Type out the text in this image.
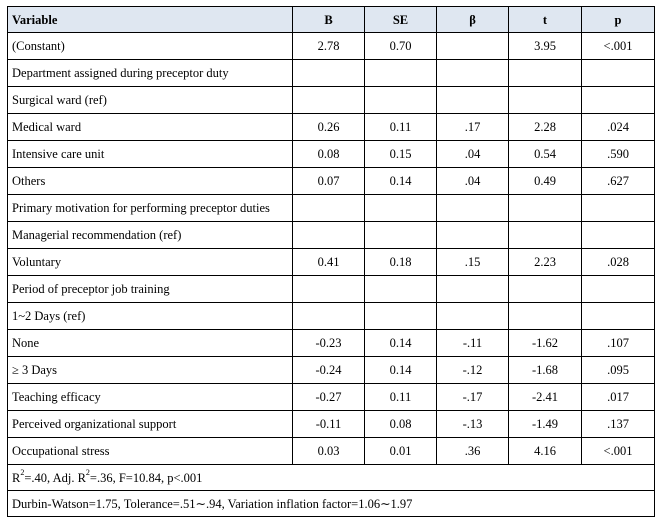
Variable	B	SE	β	t	p
(Constant)	2.78	0.70		3.95	<.001
Department assigned during preceptor duty					
Surgical ward (ref)					
Medical ward	0.26	0.11	.17	2.28	.024
Intensive care unit	0.08	0.15	.04	0.54	.590
Others	0.07	0.14	.04	0.49	.627
Primary motivation for performing preceptor duties					
Managerial recommendation (ref)					
Voluntary	0.41	0.18	.15	2.23	.028
Period of preceptor job training					
1~2 Days (ref)					
None	-0.23	0.14	-.11	-1.62	.107
≥ 3 Days	-0.24	0.14	-.12	-1.68	.095
Teaching efficacy	-0.27	0.11	-.17	-2.41	.017
Perceived organizational support	-0.11	0.08	-.13	-1.49	.137
Occupational stress	0.03	0.01	.36	4.16	<.001
$R^2=.40$, Adj. $R^2=.36$, F=10.84, p<.001					
Durbin-Watson=1.75, Tolerance=.51∼.94, Variation inflation factor=1.06∼1.97					
